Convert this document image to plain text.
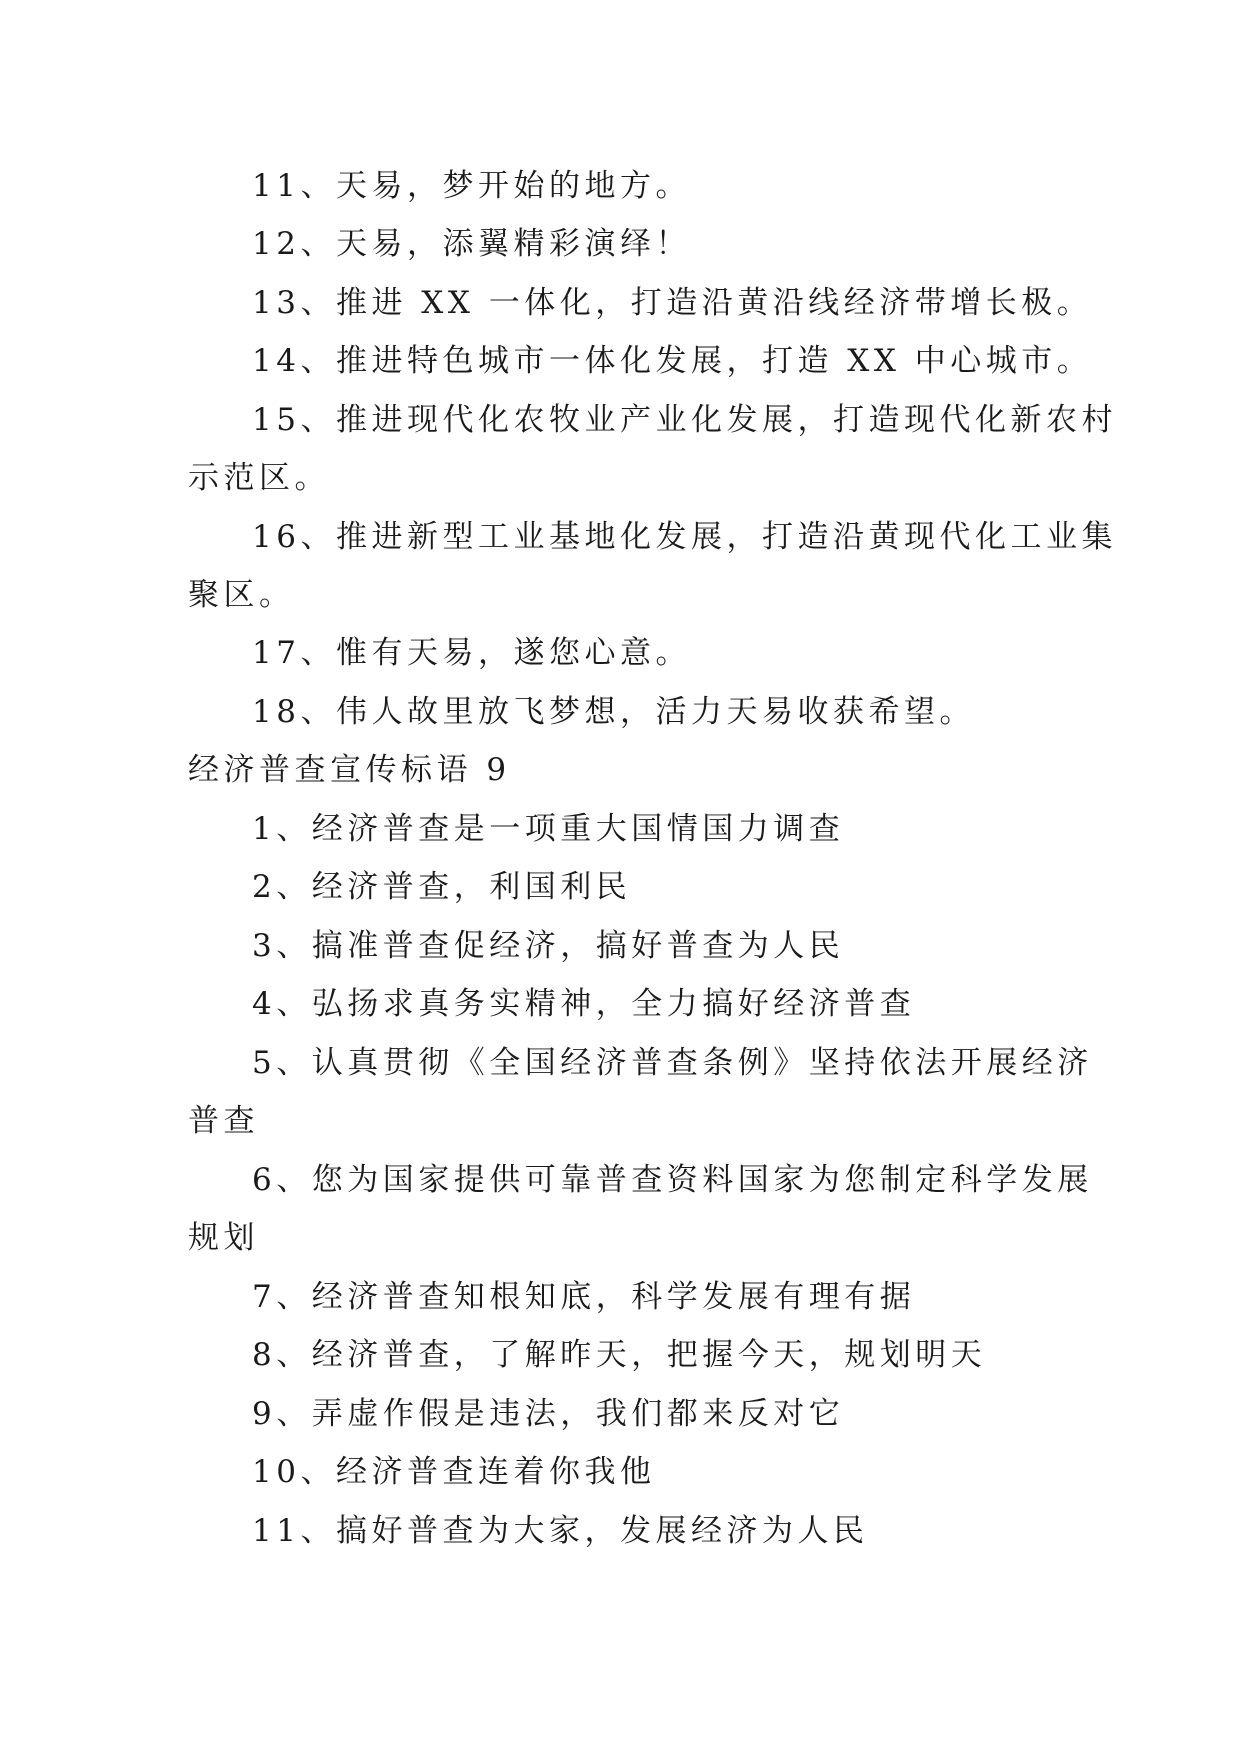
11、天易，梦开始的地方。
12、天易，添翼精彩演绎！
13、推进 XX 一体化，打造沿黄沿线经济带增长极。
14、推进特色城市一体化发展，打造 XX 中心城市。
15、推进现代化农牧业产业化发展，打造现代化新农村
示范区。
16、推进新型工业基地化发展，打造沿黄现代化工业集
聚区。
17、惟有天易，遂您心意。
18、伟人故里放飞梦想，活力天易收获希望。
经济普查宣传标语 9
1、经济普查是一项重大国情国力调查
2、经济普查，利国利民
3、搞准普查促经济，搞好普查为人民
4、弘扬求真务实精神，全力搞好经济普查
5、认真贯彻《全国经济普查条例》坚持依法开展经济
普查
6、您为国家提供可靠普查资料国家为您制定科学发展
规划
7、经济普查知根知底，科学发展有理有据
8、经济普查，了解昨天，把握今天，规划明天
9、弄虚作假是违法，我们都来反对它
10、经济普查连着你我他
11、搞好普查为大家，发展经济为人民
